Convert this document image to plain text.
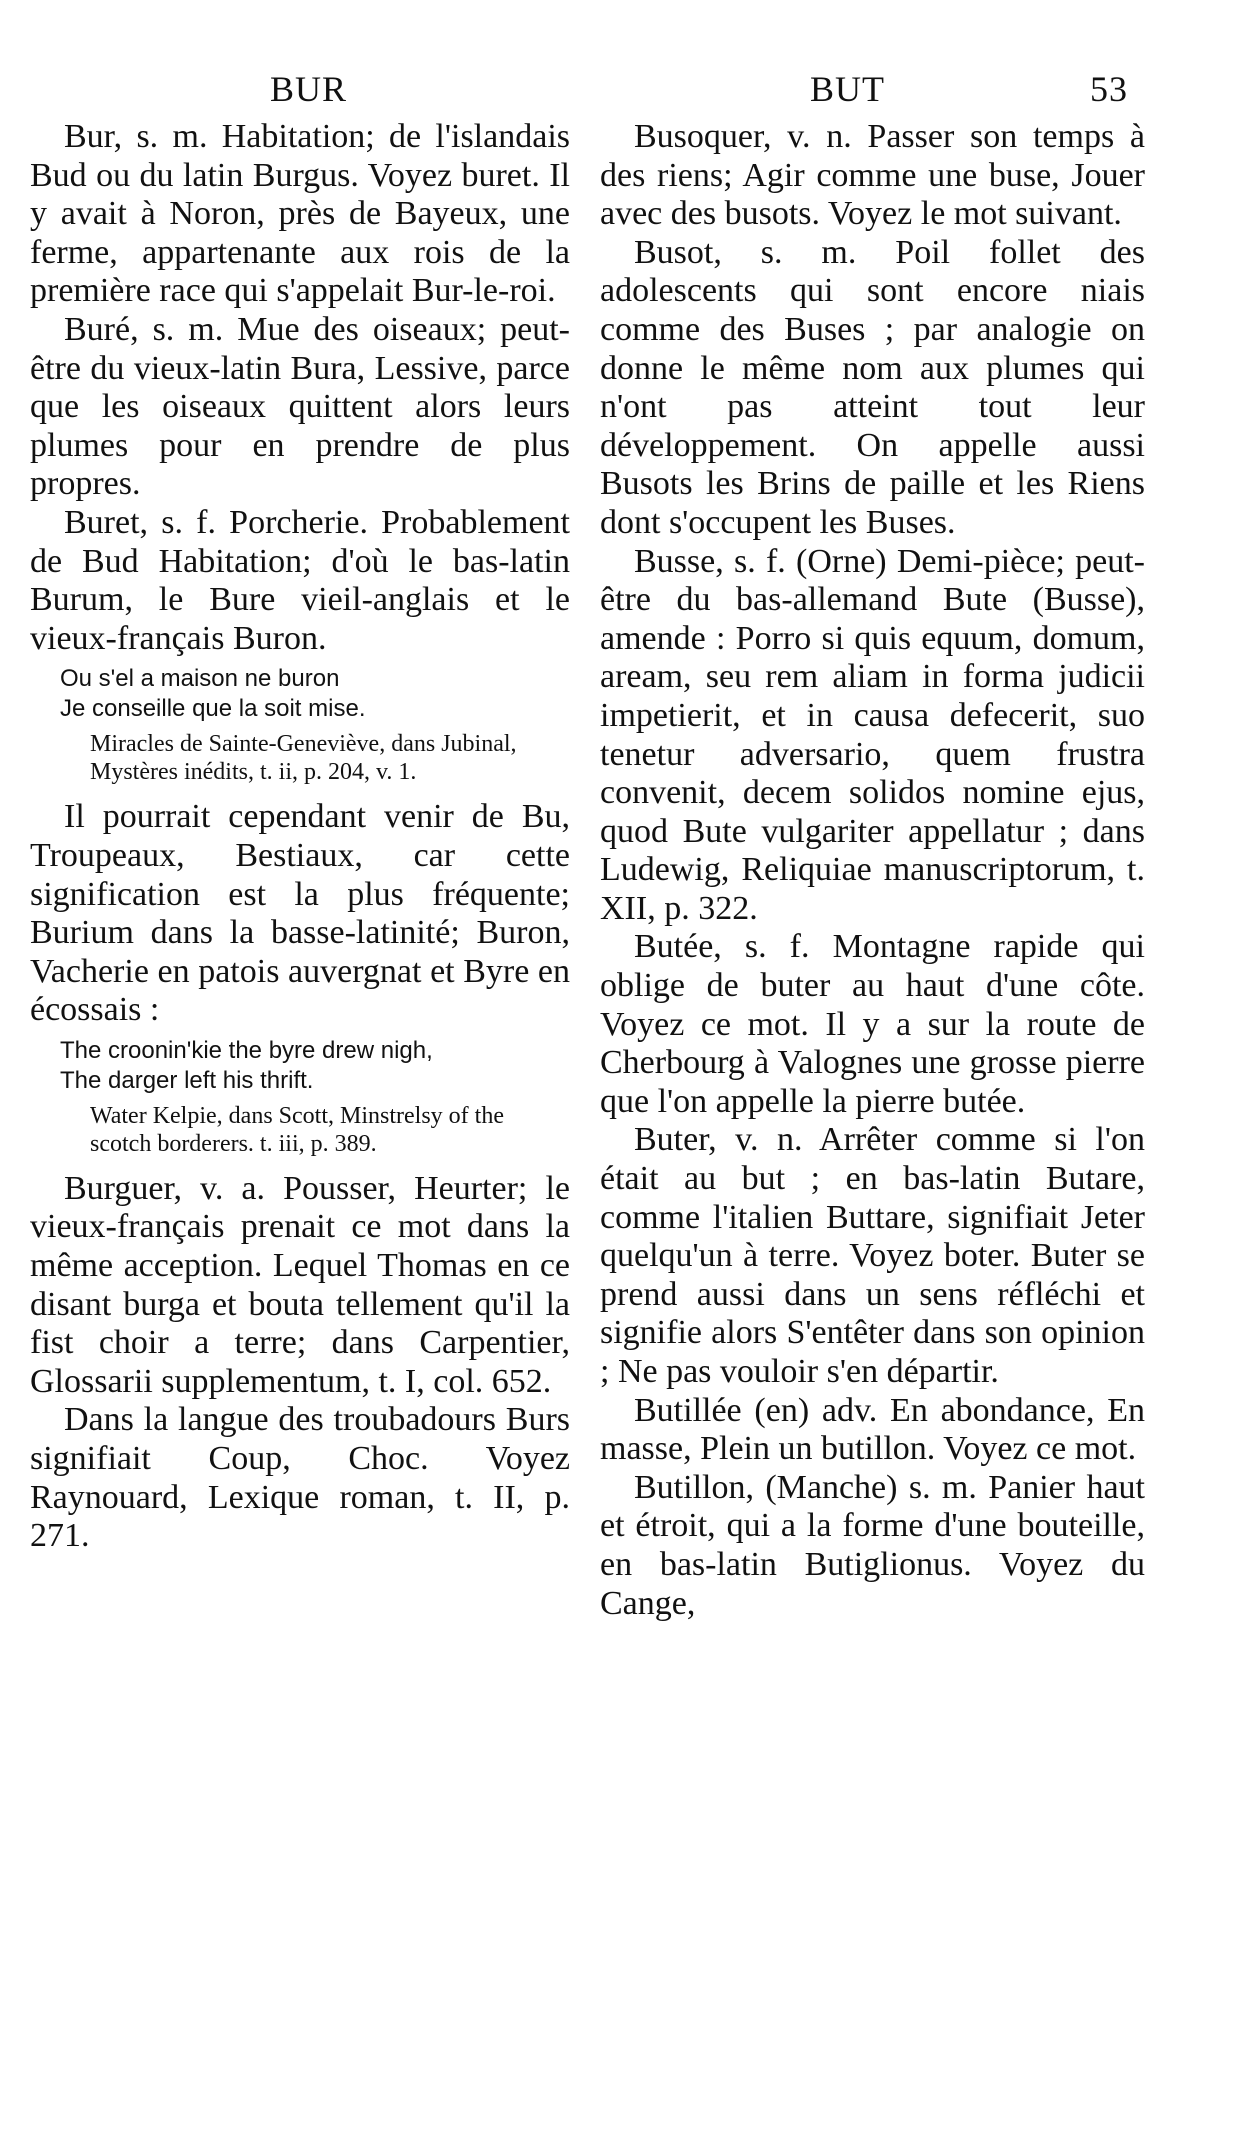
BUR	BUT	53

Bur, s. m. Habitation; de l'islandais Bud ou du latin Burgus. Voyez buret. Il y avait à Noron, près de Bayeux, une ferme, appartenante aux rois de la première race qui s'appelait Bur-le-roi.

Buré, s. m. Mue des oiseaux; peut-être du vieux-latin Bura, Lessive, parce que les oiseaux quittent alors leurs plumes pour en prendre de plus propres.

Buret, s. f. Porcherie. Probablement de Bud Habitation; d'où le bas-latin Burum, le Bure vieil-anglais et le vieux-français Buron.

Ou s'el a maison ne buron
Je conseille que la soit mise.
Miracles de Sainte-Geneviève, dans Jubinal, Mystères inédits, t. ii, p. 204, v. 1.

Il pourrait cependant venir de Bu, Troupeaux, Bestiaux, car cette signification est la plus fréquente; Burium dans la basse-latinité; Buron, Vacherie en patois auvergnat et Byre en écossais :

The croonin'kie the byre drew nigh,
The darger left his thrift.
Water Kelpie, dans Scott, Minstrelsy of the scotch borderers. t. iii, p. 389.

Burguer, v. a. Pousser, Heurter; le vieux-français prenait ce mot dans la même acception. Lequel Thomas en ce disant burga et bouta tellement qu'il la fist choir a terre; dans Carpentier, Glossarii supplementum, t. I, col. 652.

Dans la langue des troubadours Burs signifiait Coup, Choc. Voyez Raynouard, Lexique roman, t. II, p. 271.

Busoquer, v. n. Passer son temps à des riens; Agir comme une buse, Jouer avec des busots. Voyez le mot suivant.

Busot, s. m. Poil follet des adolescents qui sont encore niais comme des Buses ; par analogie on donne le même nom aux plumes qui n'ont pas atteint tout leur développement. On appelle aussi Busots les Brins de paille et les Riens dont s'occupent les Buses.

Busse, s. f. (Orne) Demi-pièce; peut-être du bas-allemand Bute (Busse), amende : Porro si quis equum, domum, aream, seu rem aliam in forma judicii impetierit, et in causa defecerit, suo tenetur adversario, quem frustra convenit, decem solidos nomine ejus, quod Bute vulgariter appellatur ; dans Ludewig, Reliquiae manuscriptorum, t. XII, p. 322.

Butée, s. f. Montagne rapide qui oblige de buter au haut d'une côte. Voyez ce mot. Il y a sur la route de Cherbourg à Valognes une grosse pierre que l'on appelle la pierre butée.

Buter, v. n. Arrêter comme si l'on était au but ; en bas-latin Butare, comme l'italien Buttare, signifiait Jeter quelqu'un à terre. Voyez boter. Buter se prend aussi dans un sens réfléchi et signifie alors S'entêter dans son opinion ; Ne pas vouloir s'en départir.

Butillée (en) adv. En abondance, En masse, Plein un butillon. Voyez ce mot.

Butillon, (Manche) s. m. Panier haut et étroit, qui a la forme d'une bouteille, en bas-latin Butiglionus. Voyez du Cange,
